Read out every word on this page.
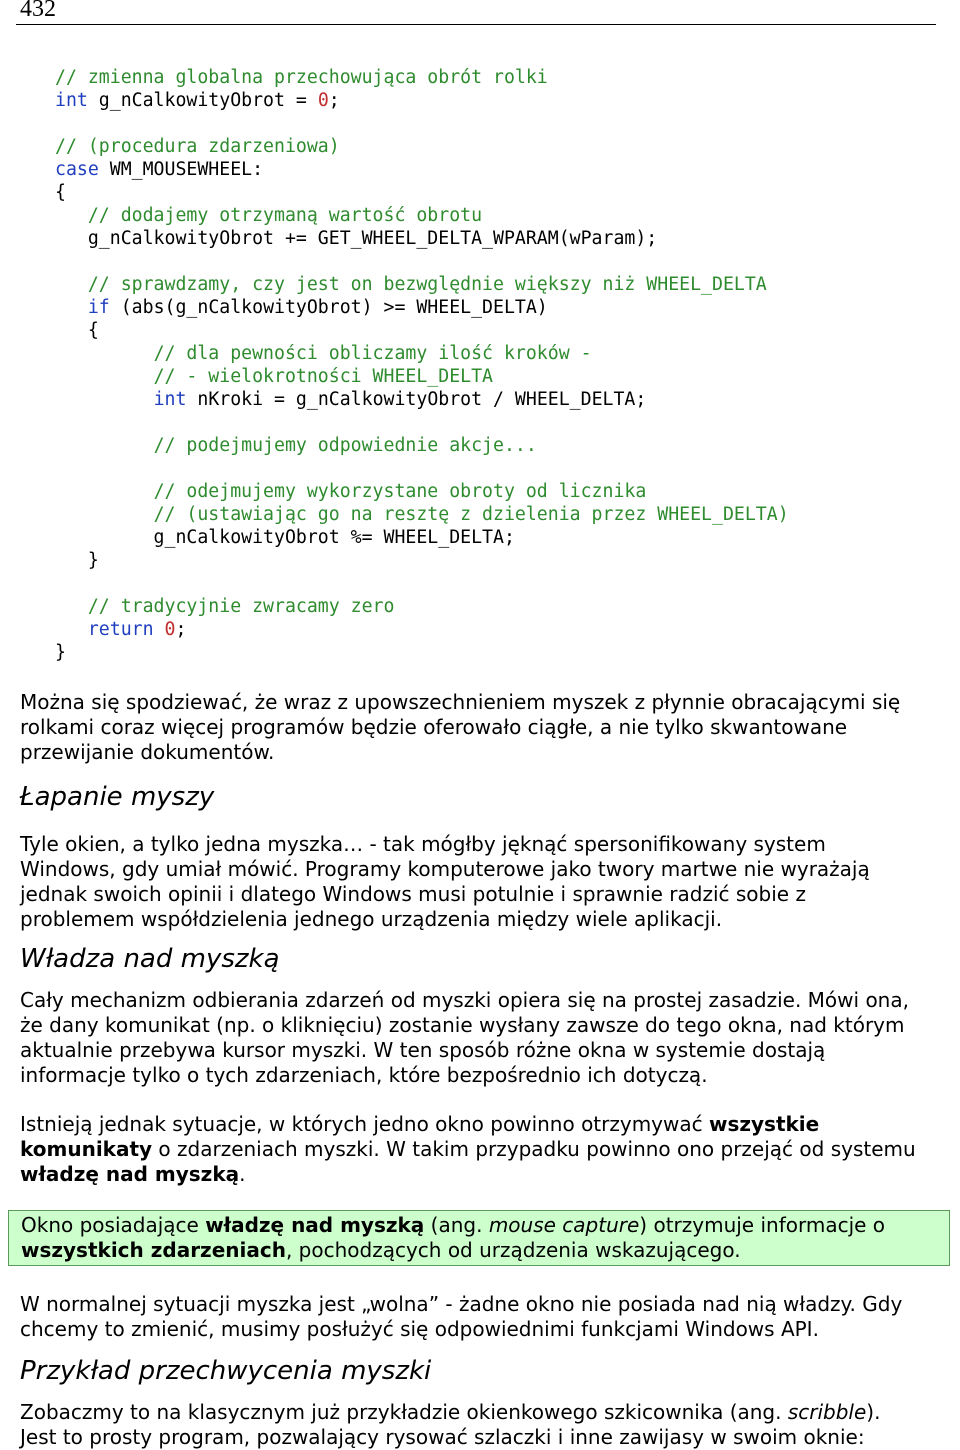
432
// zmienna globalna przechowująca obrót rolki
int g_nCalkowityObrot = 0;
// (procedura zdarzeniowa)
case WM_MOUSEWHEEL:
{
// dodajemy otrzymaną wartość obrotu
g_nCalkowityObrot += GET_WHEEL_DELTA_WPARAM(wParam);
// sprawdzamy, czy jest on bezwględnie większy niż WHEEL_DELTA
if (abs(g_nCalkowityObrot) >= WHEEL_DELTA)
{
// dla pewności obliczamy ilość kroków -
// - wielokrotności WHEEL_DELTA
int nKroki = g_nCalkowityObrot / WHEEL_DELTA;
// podejmujemy odpowiednie akcje...
// odejmujemy wykorzystane obroty od licznika
// (ustawiając go na resztę z dzielenia przez WHEEL_DELTA)
g_nCalkowityObrot %= WHEEL_DELTA;
}
// tradycyjnie zwracamy zero
return 0;
}

Można się spodziewać, że wraz z upowszechnieniem myszek z płynnie obracającymi się
rolkami coraz więcej programów będzie oferowało ciągłe, a nie tylko skwantowane
przewijanie dokumentów.

Łapanie myszy

Tyle okien, a tylko jedna myszka… - tak mógłby jęknąć spersonifikowany system
Windows, gdy umiał mówić. Programy komputerowe jako twory martwe nie wyrażają
jednak swoich opinii i dlatego Windows musi potulnie i sprawnie radzić sobie z
problemem współdzielenia jednego urządzenia między wiele aplikacji.

Władza nad myszką

Cały mechanizm odbierania zdarzeń od myszki opiera się na prostej zasadzie. Mówi ona,
że dany komunikat (np. o kliknięciu) zostanie wysłany zawsze do tego okna, nad którym
aktualnie przebywa kursor myszki. W ten sposób różne okna w systemie dostają
informacje tylko o tych zdarzeniach, które bezpośrednio ich dotyczą.

Istnieją jednak sytuacje, w których jedno okno powinno otrzymywać wszystkie
komunikaty o zdarzeniach myszki. W takim przypadku powinno ono przejąć od systemu
władzę nad myszką.

Okno posiadające władzę nad myszką (ang. mouse capture) otrzymuje informacje o
wszystkich zdarzeniach, pochodzących od urządzenia wskazującego.

W normalnej sytuacji myszka jest „wolna” - żadne okno nie posiada nad nią władzy. Gdy
chcemy to zmienić, musimy posłużyć się odpowiednimi funkcjami Windows API.

Przykład przechwycenia myszki

Zobaczmy to na klasycznym już przykładzie okienkowego szkicownika (ang. scribble).
Jest to prosty program, pozwalający rysować szlaczki i inne zawijasy w swoim oknie:
